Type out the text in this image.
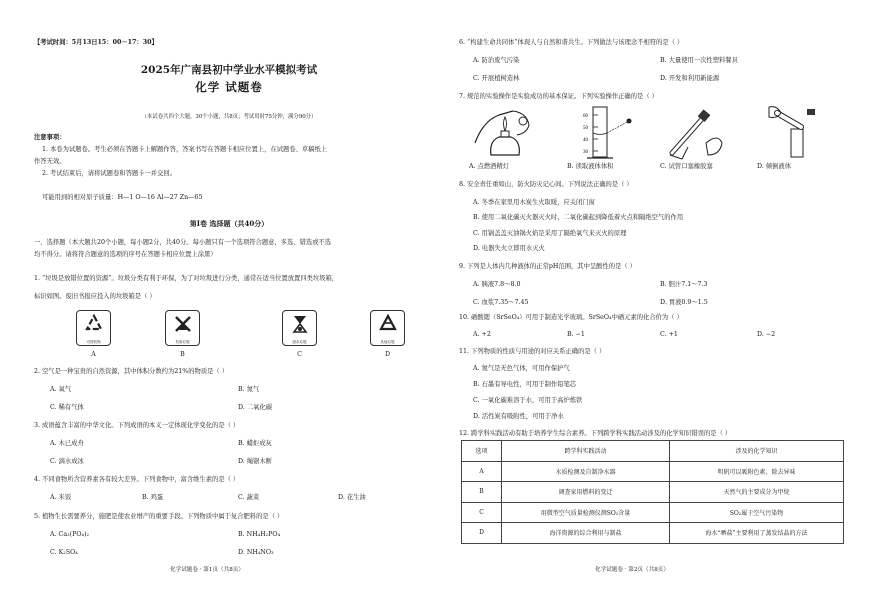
【考试时间：5月13日15：00－17：30】
2025年广南县初中学业水平模拟考试
化学 试题卷
（本试卷共四个大题，30个小题，共8页；考试用时75分钟，满分90分）
注意事项：
1. 本卷为试题卷。考生必须在答题卡上解题作答，答案书写在答题卡相应位置上，在试题卷、草稿纸上
作答无效。
2. 考试结束后，请将试题卷和答题卡一并交回。
可能用到的相对原子质量：H—1 O—16 Al—27 Zn—65
第Ⅰ卷 选择题（共40分）
一、选择题（本大题共20个小题，每小题2分，共40分。每小题只有一个选项符合题意，多选、错选或不选
均不得分。请将符合题意的选项的序号在答题卡相应位置上涂黑）
1. “垃圾是放错位置的资源”。垃圾分类有利于环保，为了对垃圾进行分类，通常在适当位置放置四类垃圾箱，
标识如图。废旧书报应投入的垃圾箱是（ ）
可回收物
A
有害垃圾
B
厨余垃圾
C
其他垃圾
D
2. 空气是一种宝贵的自然资源，其中体积分数约为21%的物质是（ ）
A. 氧气	B. 氮气
C. 稀有气体	D. 二氧化碳
3. 成语蕴含丰富的中华文化。下列成语的本义一定体现化学变化的是（ ）
A. 木已成舟	B. 蜡炬成灰
C. 滴水成冰	D. 绳锯木断
4. 不同食物所含营养素各有较大差异。下列食物中，富含维生素的是（ ）
A. 米饭	B. 鸡蛋	C. 蔬菜	D. 花生油
5. 植物生长需要养分，施肥是使农业增产的重要手段。下列物质中属于复合肥料的是（ ）
A. Ca₃(PO₄)₂	B. NH₄H₂PO₄
C. K₂SO₄	D. NH₄NO₃
化学试题卷 · 第1页（共8页）
6. “构建生命共同体”体现人与自然和谐共生。下列做法与该理念不相符的是（ ）
A. 防治废气污染	B. 大量使用一次性塑料餐具
C. 开展植树造林	D. 开发和利用新能源
7. 规范的实验操作是实验成功的基本保证。下列实验操作正确的是（ ）
60
50
40
30
A. 点燃酒精灯	B. 读取液体体积	C. 试管口塞橡胶塞	D. 倾倒液体
8. 安全责任重如山，防火防灾记心间。下列说法正确的是（ ）
A. 冬季在家里用木炭生火取暖，应关闭门窗
B. 使用二氧化碳灭火器灭火时，二氧化碳起到降低着火点和隔绝空气的作用
C. 用锅盖盖灭油锅火焰是采用了隔绝氧气来灭火的原理
D. 电器失火立即用水灭火
9. 下列是人体内几种液体的正常pH范围，其中呈酸性的是（ ）
A. 胰液7.8～8.0	B. 胆汁7.1～7.3
C. 血浆7.35～7.45	D. 胃液0.9～1.5
10. 硒酸锶（SrSeO₄）可用于制造光学玻璃。SrSeO₄中硒元素的化合价为（ ）
A. +2	B. −1	C. +1	D. −2
11. 下列物质的性质与用途的对应关系正确的是（ ）
A. 氮气是无色气体，可用作保护气
B. 石墨有导电性，可用于制作铅笔芯
C. 一氧化碳难溶于水，可用于高炉炼铁
D. 活性炭有吸附性，可用于净水
12. 跨学科实践活动有助于培养学生综合素养。下列跨学科实践活动涉及的化学知识错误的是（ ）
选项	跨学科实践活动	涉及的化学知识
A	水质检测及自制净水器	明矾可以吸附色素、除去异味
B	调查家用燃料的变迁	天然气的主要成分为甲烷
C	用微型空气质量检测仪测SO₂含量	SO₂属于空气污染物
D	海洋资源的综合利用与制盐	海水“晒盐”主要利用了蒸发结晶的方法
化学试题卷 · 第2页（共8页）
